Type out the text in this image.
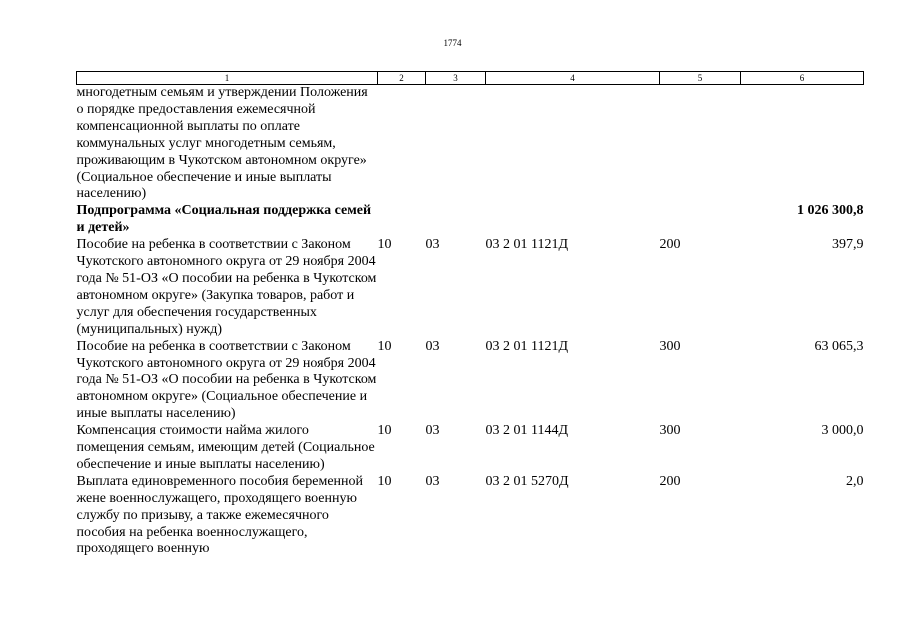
1774
1	2	3	4	5	6
многодетным семьям и утверждении Положения о порядке предоставления ежемесячной компенсационной выплаты по оплате коммунальных услуг многодетным семьям, проживающим в Чукотском автономном округе» (Социальное обеспечение и иные выплаты населению)					
Подпрограмма «Социальная поддержка семей и детей»					1 026 300,8
Пособие на ребенка в соответствии с Законом Чукотского автономного округа от 29 ноября 2004 года № 51-ОЗ «О пособии на ребенка в Чукотском автономном округе» (Закупка товаров, работ и услуг для обеспечения государственных (муниципальных) нужд)	10	03	03 2 01 1121Д	200	397,9
Пособие на ребенка в соответствии с Законом Чукотского автономного округа от 29 ноября 2004 года № 51-ОЗ «О пособии на ребенка в Чукотском автономном округе» (Социальное обеспечение и иные выплаты населению)	10	03	03 2 01 1121Д	300	63 065,3
Компенсация стоимости найма жилого помещения семьям, имеющим детей (Социальное обеспечение и иные выплаты населению)	10	03	03 2 01 1144Д	300	3 000,0
Выплата единовременного пособия беременной жене военнослужащего, проходящего военную службу по призыву, а также ежемесячного пособия на ребенка военнослужащего, проходящего военную	10	03	03 2 01 5270Д	200	2,0
